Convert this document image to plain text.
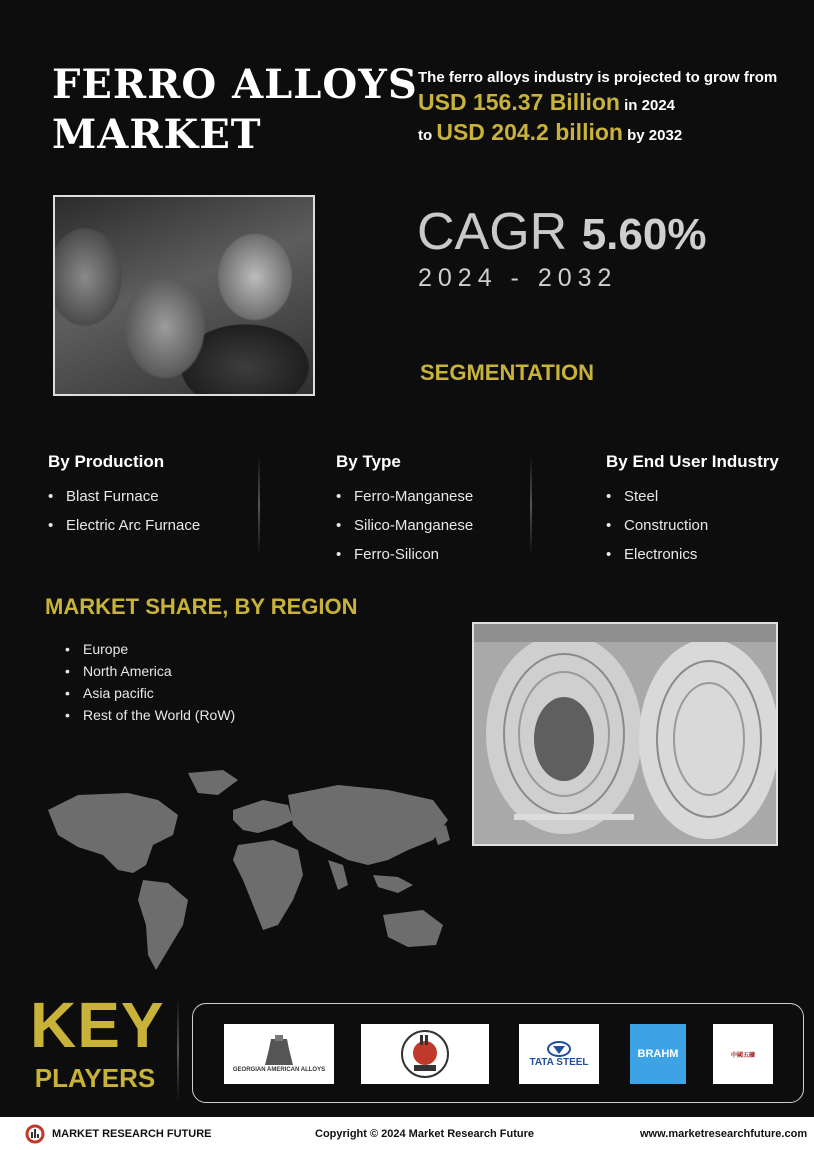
FERRO ALLOYS
MARKET
The ferro alloys industry is projected to grow from
USD 156.37 Billion in 2024
to USD 204.2 billion by 2032
CAGR 5.60%
2024 - 2032
SEGMENTATION
By Production
• Blast Furnace
• Electric Arc Furnace
By Type
• Ferro-Manganese
• Silico-Manganese
• Ferro-Silicon
By End User Industry
• Steel
• Construction
• Electronics
MARKET SHARE, BY REGION
• Europe
• North America
• Asia pacific
• Rest of the World (RoW)
KEY
PLAYERS	GEORGIAN AMERICAN ALLOYS
TATA STEEL
BRAHM	中國五礦
MARKET RESEARCH FUTURE	Copyright © 2024 Market Research Future	www.marketresearchfuture.com
